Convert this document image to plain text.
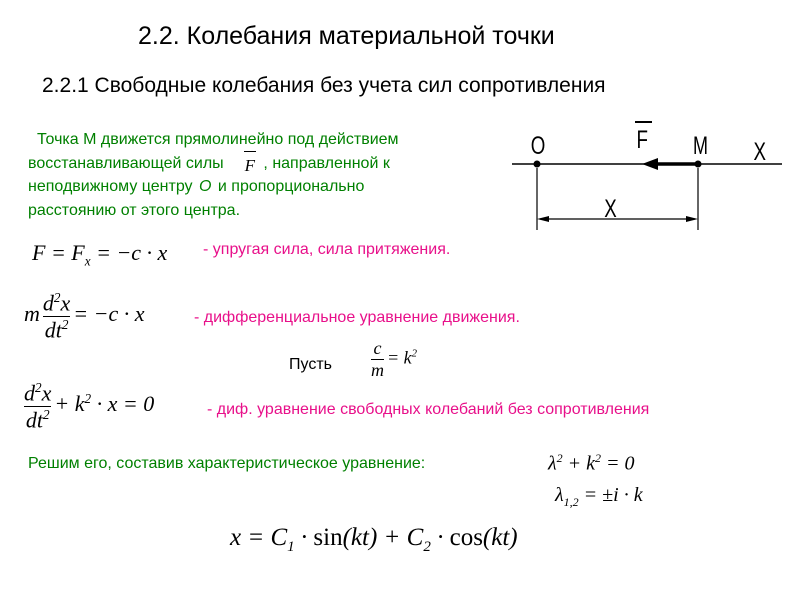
2.2. Колебания материальной точки
2.2.1 Свободные колебания без учета сил сопротивления
Точка М движется прямолинейно под действием
восстанавливающей силы F , направленной к
неподвижному центру O и пропорционально
расстоянию от этого центра.
O	M X
X
F
$F = F_x = -c \cdot x$ - упругая сила, сила притяжения.
m $\frac{d^2x}{dt^2} = -c \cdot x$	- дифференциальное уравнение движения.
Пусть $\frac{c}{m} = k^2$
$\frac{d^2x}{dt^2} + k^2 \cdot x = 0$	- диф. уравнение свободных колебаний без сопротивления
Решим его, составив характеристическое уравнение:	$\lambda^2 + k^2 = 0$
$\lambda_{1,2} = \pm i \cdot k$
$x = C_1 \cdot \sin(kt) + C_2 \cdot \cos(kt)$
